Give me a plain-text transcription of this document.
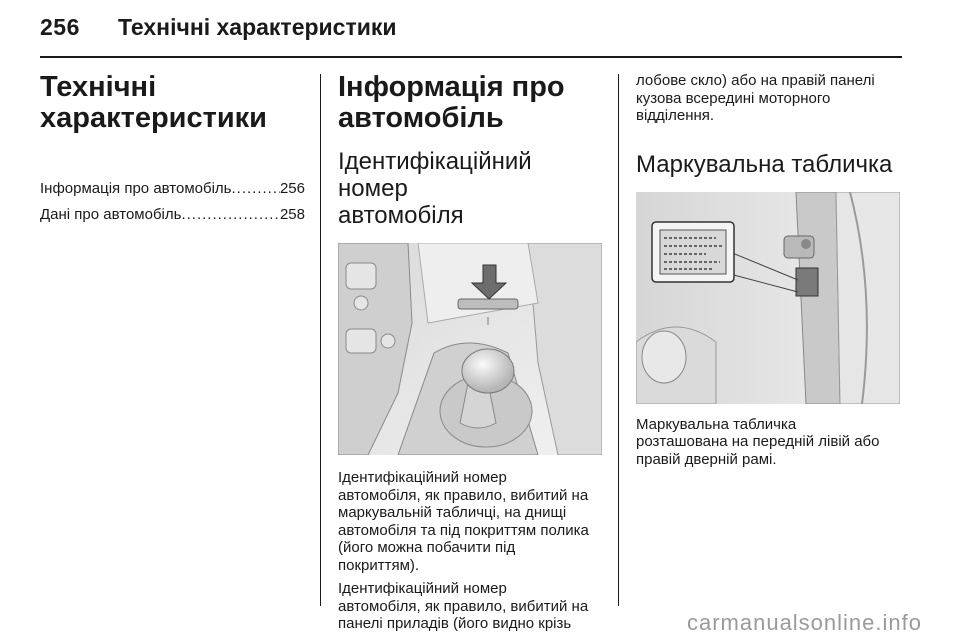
256 Технічні характеристики
Технічні
характеристики
Інформація про автомобіль .....	256
Дані про автомобіль .....	258
Інформація про
автомобіль
Ідентифікаційний номер
автомобіля

Ідентифікаційний номер

автомобіля, як правило, вибитий на

маркувальній табличці, на днищі

автомобіля та під покриттям полика

(його можна побачити під

покриттям).

Ідентифікаційний номер

автомобіля, як правило, вибитий на

панелі приладів (його видно крізь

лобове скло) або на правій панелі

кузова всередині моторного

відділення.

Маркувальна табличка

Маркувальна табличка

розташована на передній лівій або

правій дверній рамі.

carmanualsonline.info
